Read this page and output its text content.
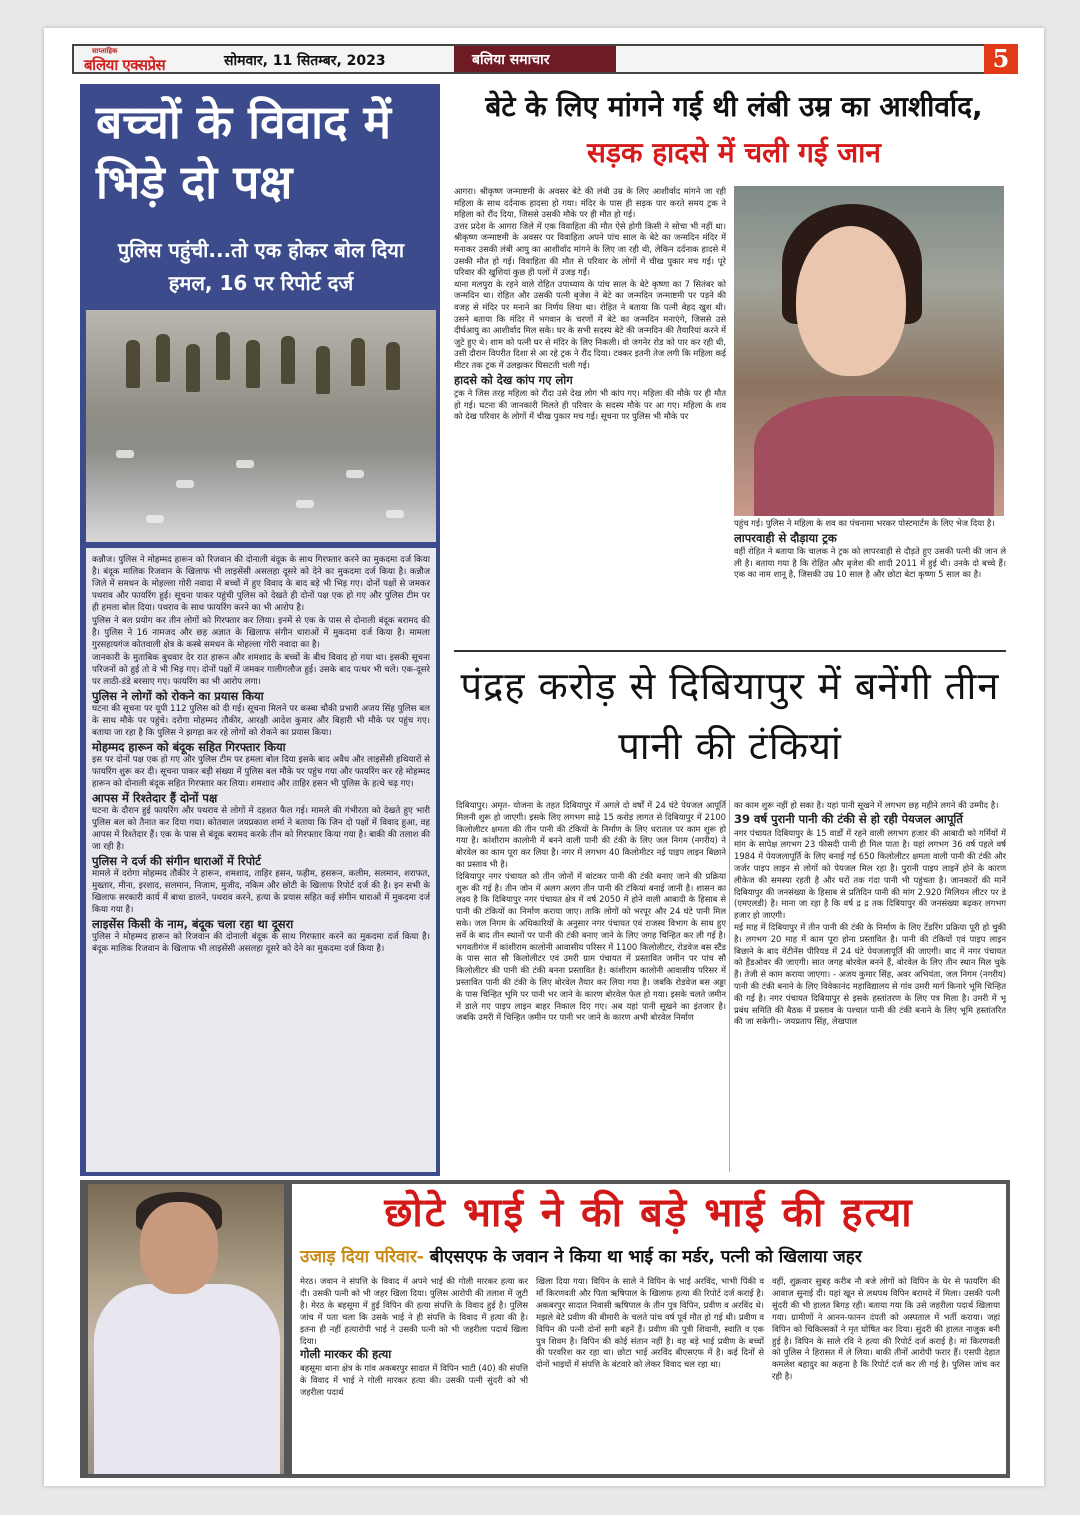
साप्ताहिक
बलिया एक्सप्रेस	सोमवार, 11 सितम्बर, 2023	बलिया समाचार	5
बच्चों के विवाद में भिड़े दो पक्ष
पुलिस पहुंची...तो एक होकर बोल दिया हमल, 16 पर रिपोर्ट दर्ज

कन्नौज। पुलिस ने मोहम्मद हारून को रिजवान की दोनाली बंदूक के साथ गिरफ्तार करने का मुकदमा दर्ज किया है। बंदूक मालिक रिजवान के खिलाफ भी लाइसेंसी असलहा दूसरे को देने का मुकदमा दर्ज किया है। कन्नौज जिले में समधन के मोहल्ला गोरी नवादा में बच्चों में हुए विवाद के बाद बड़े भी भिड़ गए। दोनों पक्षों से जमकर पथराव और फायरिंग हुई। सूचना पाकर पहुंची पुलिस को देखते ही दोनों पक्ष एक हो गए और पुलिस टीम पर ही हमला बोल दिया। पथराव के साथ फायरिंग करने का भी आरोप है।

पुलिस ने बल प्रयोग कर तीन लोगों को गिरफ्तार कर लिया। इनमें से एक के पास से दोनाली बंदूक बरामद की है। पुलिस ने 16 नामजद और छह अज्ञात के खिलाफ संगीन धाराओं में मुकदमा दर्ज किया है। मामला गुरसहायगंज कोतवाली क्षेत्र के कस्बे समधन के मोहल्ला गोरी नवादा का है।

जानकारी के मुताबिक बुधवार देर रात हारून और शमशाद के बच्चों के बीच विवाद हो गया था। इसकी सूचना परिजनों को हुई तो वे भी भिड़ गए। दोनों पक्षों में जमकर गालीगलौज हुई। उसके बाद पत्थर भी चले। एक-दूसरे पर लाठी-डंडे बरसाए गए। फायरिंग का भी आरोप लगा।

पुलिस ने लोगों को रोकने का प्रयास किया

घटना की सूचना पर यूपी 112 पुलिस को दी गई। सूचना मिलने पर कस्बा चौकी प्रभारी अजय सिंह पुलिस बल के साथ मौके पर पहुंचे। दरोगा मोहम्मद तौकीर, आरक्षी आदेश कुमार और बिहारी भी मौके पर पहुंच गए। बताया जा रहा है कि पुलिस ने झगड़ा कर रहे लोगों को रोकने का प्रयास किया।

मोहम्मद हारून को बंदूक सहित गिरफ्तार किया

इस पर दोनों पक्ष एक हो गए और पुलिस टीम पर हमला बोल दिया इसके बाद अवैध और लाइसेंसी हथियारों से फायरिंग शुरू कर दी। सूचना पाकर बड़ी संख्या में पुलिस बल मौके पर पहुंच गया और फायरिंग कर रहे मोहम्मद हारून को दोनाली बंदूक सहित गिरफ्तार कर लिया। शमशाद और ताहिर हसन भी पुलिस के हत्थे चढ़ गए।

आपस में रिश्तेदार हैं दोनों पक्ष

घटना के दौरान हुई फायरिंग और पथराव से लोगों में दहशत फैल गई। मामले की गंभीरता को देखते हुए भारी पुलिस बल को तैनात कर दिया गया। कोतवाल जयप्रकाश शर्मा ने बताया कि जिन दो पक्षों में विवाद हुआ, वह आपस में रिश्तेदार हैं। एक के पास से बंदूक बरामद करके तीन को गिरफ्तार किया गया है। बाकी की तलाश की जा रही है।

पुलिस ने दर्ज की संगीन धाराओं में रिपोर्ट

मामले में दरोगा मोहम्मद तौकीर ने हारून, शमशाद, ताहिर हसन, फहीम, हसरून, कलीम, सलमान, शराफत, मुख्तार, मीना, इरशाद, सलमान, निजाम, मुजीद, नकिम और छोटी के खिलाफ रिपोर्ट दर्ज की है। इन सभी के खिलाफ सरकारी कार्य में बाधा डालने, पथराव करने, हत्या के प्रयास सहित कई संगीन धाराओं में मुकदमा दर्ज किया गया है।

लाइसेंस किसी के नाम, बंदूक चला रहा था दूसरा

पुलिस ने मोहम्मद हारून को रिजवान की दोनाली बंदूक के साथ गिरफ्तार करने का मुकदमा दर्ज किया है। बंदूक मालिक रिजवान के खिलाफ भी लाइसेंसी असलहा दूसरे को देने का मुकदमा दर्ज किया है।

बेटे के लिए मांगने गई थी लंबी उम्र का आशीर्वाद, सड़क हादसे में चली गई जान

आगरा। श्रीकृष्ण जन्माष्टमी के अवसर बेटे की लंबी उम्र के लिए आशीर्वाद मांगने जा रही महिला के साथ दर्दनाक हादसा हो गया। मंदिर के पास ही सड़क पार करते समय ट्रक ने महिला को रौंद दिया, जिससे उसकी मौके पर ही मौत हो गई।

उत्तर प्रदेश के आगरा जिले में एक विवाहिता की मौत ऐसे होगी किसी ने सोचा भी नहीं था। श्रीकृष्ण जन्माष्टमी के अवसर पर विवाहिता अपने पांच साल के बेटे का जन्मदिन मंदिर में मनाकर उसकी लंबी आयु का आशीर्वाद मांगने के लिए जा रही थी, लेकिन दर्दनाक हादसे में उसकी मौत हो गई। विवाहिता की मौत से परिवार के लोगों में चीख पुकार मच गई। पूरे परिवार की खुशियां कुछ ही पलों में उजड़ गईं।

थाना मलपुरा के रहने वाले रोहित उपाध्याय के पांच साल के बेटे कृष्णा का 7 सितंबर को जन्मदिन था। रोहित और उसकी पत्नी बृजेश ने बेटे का जन्मदिन जन्माष्टमी पर पड़ने की वजह से मंदिर पर मनाने का निर्णय लिया था। रोहित ने बताया कि पत्नी बेहद खुश थी। उसने बताया कि मंदिर में भगवान के चरणों में बेटे का जन्मदिन मनाएंगे, जिससे उसे दीर्घआयु का आशीर्वाद मिल सके। घर के सभी सदस्य बेटे की जन्मदिन की तैयारियां करने में जुटे हुए थे। शाम को पत्नी घर से मंदिर के लिए निकली। वो जगनेर रोड को पार कर रही थी, उसी दौरान विपरीत दिशा से आ रहे ट्रक ने रौंद दिया। टक्कर इतनी तेज लगी कि महिला कई मीटर तक ट्रक में उलझकर घिसटती चली गई।

हादसे को देख कांप गए लोग

ट्रक ने जिस तरह महिला को रौंदा उसे देख लोग भी कांप गए। महिला की मौके पर ही मौत हो गई। घटना की जानकारी मिलते ही परिवार के सदस्य मौके पर आ गए। महिला के शव को देख परिवार के लोगों में चीख पुकार मच गई। सूचना पर पुलिस भी मौके पर

पहुंच गई। पुलिस ने महिला के शव का पंचनामा भरकर पोस्टमार्टम के लिए भेज दिया है।

लापरवाही से दौड़ाया ट्रक

वहीं रोहित ने बताया कि चालक ने ट्रक को लापरवाही से दौड़ते हुए उसकी पत्नी की जान ले ली है। बताया गया है कि रोहित और बृजेश की शादी 2011 में हुई थी। उनके दो बच्चे हैं। एक का नाम शानू है, जिसकी उम्र 10 साल है और छोटा बेटा कृष्णा 5 साल का है।

पंद्रह करोड़ से दिबियापुर में बनेंगी तीन पानी की टंकियां

दिबियापुर। अमृत- योजना के तहत दिबियापुर में अगले दो वर्षों में 24 घंटे पेयजल आपूर्ति मिलनी शुरू हो जाएगी। इसके लिए लगभग साढ़े 15 करोड़ लागत से दिबियापुर में 2100 किलोलीटर क्षमता की तीन पानी की टंकियों के निर्माण के लिए धरातल पर काम शुरू हो गया है। कांशीराम कालोनी में बनने वाली पानी की टंकी के लिए जल निगम (नगरीय) ने बोरवेल का काम पूरा कर लिया है। नगर में लगभग 40 किलोमीटर नई पाइप लाइन बिछाने का प्रस्ताव भी है।

दिबियापुर नगर पंचायत को तीन जोनों में बांटकर पानी की टंकी बनाए जाने की प्रक्रिया शुरू की गई है। तीन जोन में अलग अलग तीन पानी की टंकियां बनाई जानी है। शासन का लक्ष्य है कि दिबियापुर नगर पंचायत क्षेत्र में वर्ष 2050 में होने वाली आबादी के हिसाब से पानी की टंकियों का निर्माण कराया जाए। ताकि लोगों को भरपूर और 24 घंटे पानी मिल सके। जल निगम के अधिकारियों के अनुसार नगर पंचायत एवं राजस्व विभाग के साथ हुए सर्वे के बाद तीन स्थानों पर पानी की टंकी बनाए जाने के लिए जगह चिन्हित कर ली गई है। भगवतीगंज में कांशीराम कालोनी आवासीय परिसर में 1100 किलोलीटर, रोडवेज बस स्टैंड के पास सात सौ किलोलीटर एवं उमरी ग्राम पंचायत में प्रस्तावित जमीन पर पांच सौ किलोलीटर की पानी की टंकी बनना प्रस्तावित है। कांशीराम कालोनी आवासीय परिसर में प्रस्तावित पानी की टंकी के लिए बोरवेल तैयार कर लिया गया है। जबकि रोडवेज बस अड्डा के पास चिन्हित भूमि पर पानी भर जाने के कारण बोरवेल फेल हो गया। इसके चलते जमीन में डाले गए पाइप लाइन बाहर निकाल दिए गए। अब यहां पानी सूखने का इंतजार है। जबकि उमरी में चिन्हित जमीन पर पानी भर जाने के कारण अभी बोरवेल निर्माण

का काम शुरू नहीं हो सका है। यहां पानी सूखने में लगभग छह महीने लगने की उम्मीद है।

39 वर्ष पुरानी पानी की टंकी से हो रही पेयजल आपूर्ति

नगर पंचायत दिबियापुर के 15 वार्डों में रहने वाली लगभग हजार की आबादी को गर्मियों में मांग के सापेक्ष लगभग 23 फीसदी पानी ही मिल पाता है। यहां लगभग 36 वर्ष पहले वर्ष 1984 में पेयजलापूर्ति के लिए बनाई गई 650 किलोलीटर क्षमता वाली पानी की टंकी और जर्जर पाइप लाइन से लोगों को पेयजल मिल रहा है। पुरानी पाइप लाइनें होने के कारण लीकेज की समस्या रहती है और घरों तक गंदा पानी भी पहुंचता है। जानकारों की मानें दिबियापुर की जनसंख्या के हिसाब से प्रतिदिन पानी की मांग 2.920 मिलियन लीटर पर डे (एमएलडी) है। माना जा रहा है कि वर्ष द्र द्र तक दिबियापुर की जनसंख्या बढ़कर लगभग हजार हो जाएगी।

मई माह में दिबियापुर में तीन पानी की टंकी के निर्माण के लिए टेंडरिंग प्रक्रिया पूरी हो चुकी है। लगभग 20 माह में काम पूरा होना प्रस्तावित है। पानी की टंकियों एवं पाइप लाइन बिछाने के बाद मेंटीनेंस पीरियड में 24 घंटे पेयजलापूर्ति की जाएगी। बाद में नगर पंचायत को हैंडओवर की जाएगी। सात जगह बोरवेल बनने हैं, बोरवेल के लिए तीन स्थान मिल चुके हैं। तेजी से काम कराया जाएगा। - अजय कुमार सिंह, अवर अभियंता, जल निगम (नगरीय) पानी की टंकी बनाने के लिए विवेकानंद महाविद्यालय से गांव उमरी मार्ग किनारे भूमि चिन्हित की गई है। नगर पंचायत दिबियापुर से इसके हस्तांतरण के लिए पत्र मिला है। उमरी में भू प्रबंध समिति की बैठक में प्रस्ताव के पश्चात पानी की टंकी बनाने के लिए भूमि हस्तांतरित की जा सकेगी।- जयप्रताप सिंह, लेखपाल

छोटे भाई ने की बड़े भाई की हत्या
उजाड़ दिया परिवार- बीएसएफ के जवान ने किया था भाई का मर्डर, पत्नी को खिलाया जहर

मेरठ। जवान ने संपत्ति के विवाद में अपने भाई की गोली मारकर हत्या कर दी। उसकी पत्नी को भी जहर खिला दिया। पुलिस आरोपी की तलाश में जुटी है। मेरठ के बहसूमा में हुई विपिन की हत्या संपत्ति के विवाद हुई है। पुलिस जांच में पता चला कि उसके भाई ने ही संपत्ति के विवाद में हत्या की है। इतना ही नहीं हत्यारोपी भाई ने उसकी पत्नी को भी जहरीला पदार्थ खिला दिया।

गोली मारकर की हत्या

बहसूमा थाना क्षेत्र के गांव अकबरपुर सादात में विपिन भाटी (40) की संपत्ति के विवाद में भाई ने गोली मारकर हत्या की। उसकी पत्नी सुंदरी को भी जहरीला पदार्थ

खिला दिया गया। विपिन के साले ने विपिन के भाई अरविंद, भाभी पिंकी व माँ किरणवती और पिता ऋषिपाल के खिलाफ हत्या की रिपोर्ट दर्ज कराई है। अकबरपुर सादात निवासी ऋषिपाल के तीन पुत्र विपिन, प्रवीण व अरविंद थे। मझले बेटे प्रवीण की बीमारी के चलते पांच वर्ष पूर्व मौत हो गई थी। प्रवीण व विपिन की पत्नी दोनों सगी बहनें हैं। प्रवीण की पुत्री शिवानी, स्वाति व एक पुत्र शिवम है। विपिन की कोई संतान नहीं है। वह बड़े भाई प्रवीण के बच्चों की परवरिश कर रहा था। छोटा भाई अरविंद बीएसएफ में है। कई दिनों से दोनों भाइयों में संपत्ति के बंटवारे को लेकर विवाद चल रहा था।

वहीं, शुक्रवार सुबह करीब नौ बजे लोगों को विपिन के घेर से फायरिंग की आवाज सुनाई दी। यहां खून से लथपथ विपिन बरामदे में मिला। उसकी पत्नी सुंदरी की भी हालत बिगड़ रही। बताया गया कि उसे जहरीला पदार्थ खिलाया गया। ग्रामीणों ने आनन-फानन दंपती को अस्पताल में भर्ती कराया। जहां विपिन को चिकित्सकों ने मृत घोषित कर दिया। सुंदरी की हालत नाजुक बनी हुई है। विपिन के साले रवि ने हत्या की रिपोर्ट दर्ज कराई है। मां किरणवती को पुलिस ने हिरासत में ले लिया। बाकी तीनों आरोपी फरार हैं। एसपी देहात कमलेश बहादुर का कहना है कि रिपोर्ट दर्ज कर ली गई है। पुलिस जांच कर रही है।
